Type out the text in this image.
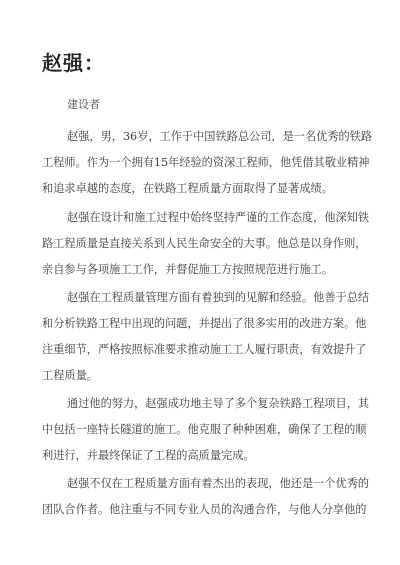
赵强：
建设者
赵强，男，36岁，工作于中国铁路总公司，是一名优秀的铁路
工程师。作为一个拥有15年经验的资深工程师，他凭借其敬业精神
和追求卓越的态度，在铁路工程质量方面取得了显著成绩。
赵强在设计和施工过程中始终坚持严谨的工作态度，他深知铁
路工程质量是直接关系到人民生命安全的大事。他总是以身作则，
亲自参与各项施工工作，并督促施工方按照规范进行施工。
赵强在工程质量管理方面有着独到的见解和经验。他善于总结
和分析铁路工程中出现的问题，并提出了很多实用的改进方案。他
注重细节，严格按照标准要求推动施工工人履行职责，有效提升了
工程质量。
通过他的努力，赵强成功地主导了多个复杂铁路工程项目，其
中包括一座特长隧道的施工。他克服了种种困难，确保了工程的顺
利进行，并最终保证了工程的高质量完成。
赵强不仅在工程质量方面有着杰出的表现，他还是一个优秀的
团队合作者。他注重与不同专业人员的沟通合作，与他人分享他的
